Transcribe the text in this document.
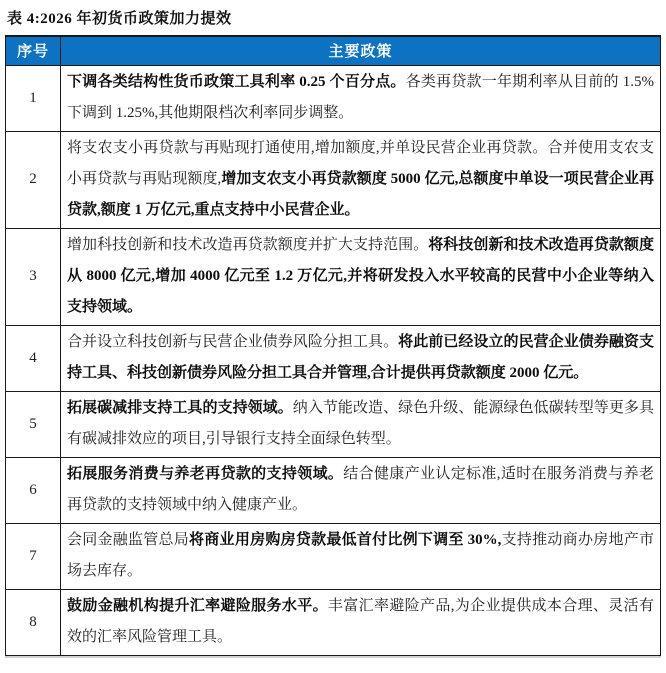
表 4:2026 年初货币政策加力提效
序号	主要政策
1	下调各类结构性货币政策工具利率 0.25 个百分点。各类再贷款一年期利率从目前的 1.5%下调到 1.25%,其他期限档次利率同步调整。
2	将支农支小再贷款与再贴现打通使用,增加额度,并单设民营企业再贷款。合并使用支农支小再贷款与再贴现额度,增加支农支小再贷款额度 5000 亿元,总额度中单设一项民营企业再贷款,额度 1 万亿元,重点支持中小民营企业。
3	增加科技创新和技术改造再贷款额度并扩大支持范围。将科技创新和技术改造再贷款额度从 8000 亿元,增加 4000 亿元至 1.2 万亿元,并将研发投入水平较高的民营中小企业等纳入支持领域。
4	合并设立科技创新与民营企业债券风险分担工具。将此前已经设立的民营企业债券融资支持工具、科技创新债券风险分担工具合并管理,合计提供再贷款额度 2000 亿元。
5	拓展碳减排支持工具的支持领域。纳入节能改造、绿色升级、能源绿色低碳转型等更多具有碳减排效应的项目,引导银行支持全面绿色转型。
6	拓展服务消费与养老再贷款的支持领域。结合健康产业认定标准,适时在服务消费与养老再贷款的支持领域中纳入健康产业。
7	会同金融监管总局将商业用房购房贷款最低首付比例下调至 30%,支持推动商办房地产市场去库存。
8	鼓励金融机构提升汇率避险服务水平。丰富汇率避险产品,为企业提供成本合理、灵活有效的汇率风险管理工具。
